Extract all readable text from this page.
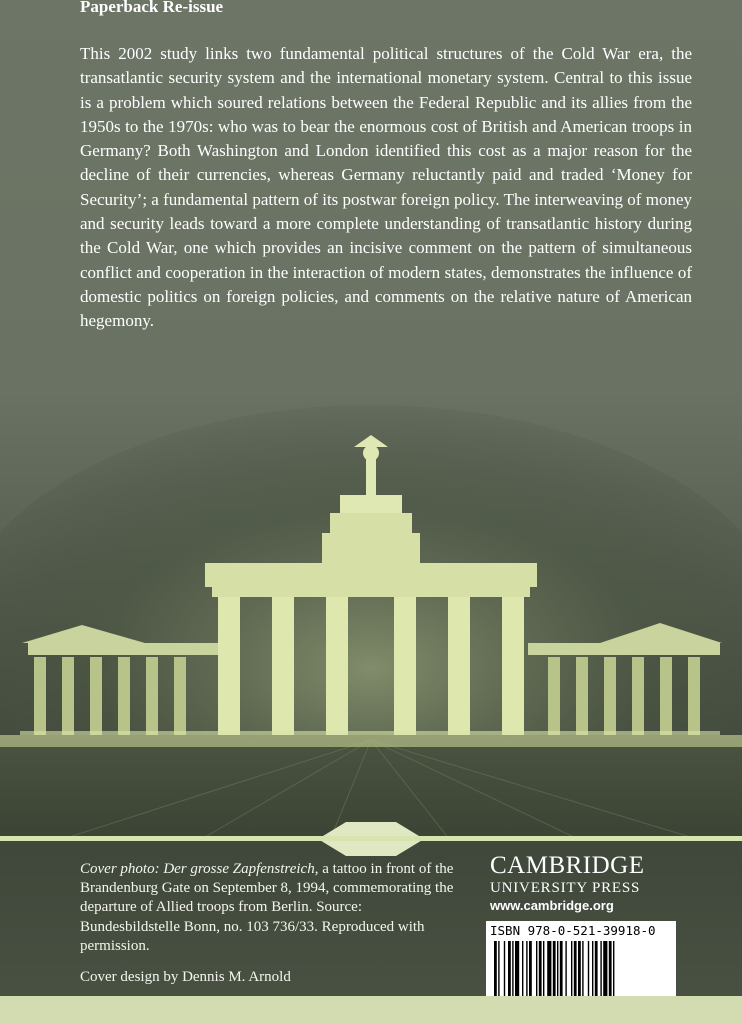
Paperback Re-issue

This 2002 study links two fundamental political structures of the Cold War era, the transatlantic security system and the international monetary system. Central to this issue is a problem which soured relations between the Federal Republic and its allies from the 1950s to the 1970s: who was to bear the enormous cost of British and American troops in Germany? Both Washington and London identified this cost as a major reason for the decline of their currencies, whereas Germany reluctantly paid and traded ‘Money for Security’; a fundamental pattern of its postwar foreign policy. The interweaving of money and security leads toward a more complete understanding of transatlantic history during the Cold War, one which provides an incisive comment on the pattern of simultaneous conflict and cooperation in the interaction of modern states, demonstrates the influence of domestic politics on foreign policies, and comments on the relative nature of American hegemony.

Cover photo: Der grosse Zapfenstreich, a tattoo in front of the Brandenburg Gate on September 8, 1994, commemorating the departure of Allied troops from Berlin. Source: Bundesbildstelle Bonn, no. 103 736/33. Reproduced with permission.

Cover design by Dennis M. Arnold

CAMBRIDGE

UNIVERSITY PRESS

www.cambridge.org

ISBN 978-0-521-39918-0
